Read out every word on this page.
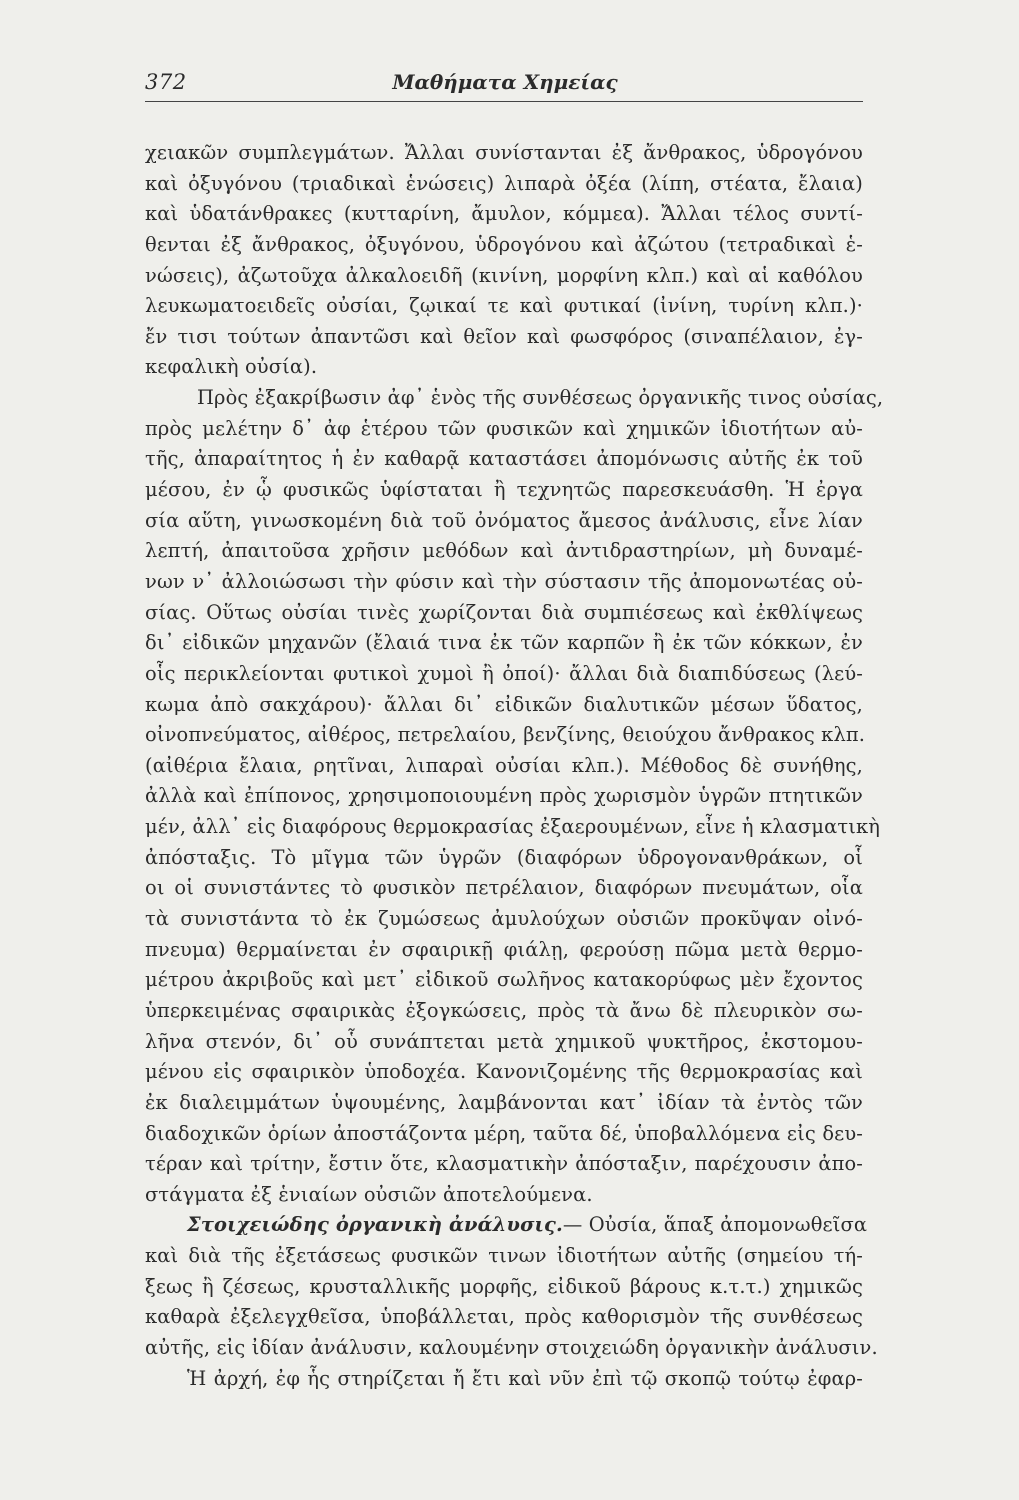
372	Μαθήματα Χημείας
χειακῶν συμπλεγμάτων. Ἄλλαι συνίστανται ἐξ ἄνθρακος, ὑδρογόνου
καὶ ὀξυγόνου (τριαδικαὶ ἑνώσεις) λιπαρὰ ὀξέα (λίπη, στέατα, ἔλαια)
καὶ ὑδατάνθρακες (κυτταρίνη, ἄμυλον, κόμμεα). Ἄλλαι τέλος συντί-
θενται ἐξ ἄνθρακος, ὀξυγόνου, ὑδρογόνου καὶ ἀζώτου (τετραδικαὶ ἑ-
νώσεις), ἀζωτοῦχα ἀλκαλοειδῆ (κινίνη, μορφίνη κλπ.) καὶ αἱ καθόλου
λευκωματοειδεῖς οὐσίαι, ζῳικαί τε καὶ φυτικαί (ἰνίνη, τυρίνη κλπ.)·
ἔν τισι τούτων ἀπαντῶσι καὶ θεῖον καὶ φωσφόρος (σιναπέλαιον, ἐγ-
κεφαλικὴ οὐσία).
Πρὸς ἐξακρίβωσιν ἀφ᾽ ἑνὸς τῆς συνθέσεως ὀργανικῆς τινος οὐσίας,
πρὸς μελέτην δ᾽ ἀφ ἑτέρου τῶν φυσικῶν καὶ χημικῶν ἰδιοτήτων αὐ-
τῆς, ἀπαραίτητος ἡ ἐν καθαρᾷ καταστάσει ἀπομόνωσις αὐτῆς ἐκ τοῦ
μέσου, ἐν ᾧ φυσικῶς ὑφίσταται ἢ τεχνητῶς παρεσκευάσθη. Ἡ ἐργα
σία αὕτη, γινωσκομένη διὰ τοῦ ὀνόματος ἄμεσος ἀνάλυσις, εἶνε λίαν
λεπτή, ἀπαιτοῦσα χρῆσιν μεθόδων καὶ ἀντιδραστηρίων, μὴ δυναμέ-
νων ν᾽ ἀλλοιώσωσι τὴν φύσιν καὶ τὴν σύστασιν τῆς ἀπομονωτέας οὐ-
σίας. Οὕτως οὐσίαι τινὲς χωρίζονται διὰ συμπιέσεως καὶ ἐκθλίψεως
δι᾽ εἰδικῶν μηχανῶν (ἔλαιά τινα ἐκ τῶν καρπῶν ἢ ἐκ τῶν κόκκων, ἐν
οἷς περικλείονται φυτικοὶ χυμοὶ ἢ ὀποί)· ἄλλαι διὰ διαπιδύσεως (λεύ-
κωμα ἀπὸ σακχάρου)· ἄλλαι δι᾽ εἰδικῶν διαλυτικῶν μέσων ὕδατος,
οἰνοπνεύματος, αἰθέρος, πετρελαίου, βενζίνης, θειούχου ἄνθρακος κλπ.
(αἰθέρια ἔλαια, ρητῖναι, λιπαραὶ οὐσίαι κλπ.). Μέθοδος δὲ συνήθης,
ἀλλὰ καὶ ἐπίπονος, χρησιμοποιουμένη πρὸς χωρισμὸν ὑγρῶν πτητικῶν
μέν, ἀλλ᾽ εἰς διαφόρους θερμοκρασίας ἐξαερουμένων, εἶνε ἡ κλασματικὴ
ἀπόσταξις. Τὸ μῖγμα τῶν ὑγρῶν (διαφόρων ὑδρογονανθράκων, οἷ
οι οἱ συνιστάντες τὸ φυσικὸν πετρέλαιον, διαφόρων πνευμάτων, οἷα
τὰ συνιστάντα τὸ ἐκ ζυμώσεως ἀμυλούχων οὐσιῶν προκῦψαν οἰνό-
πνευμα) θερμαίνεται ἐν σφαιρικῇ φιάλῃ, φερούσῃ πῶμα μετὰ θερμο-
μέτρου ἀκριβοῦς καὶ μετ᾽ εἰδικοῦ σωλῆνος κατακορύφως μὲν ἔχοντος
ὑπερκειμένας σφαιρικὰς ἐξογκώσεις, πρὸς τὰ ἄνω δὲ πλευρικὸν σω-
λῆνα στενόν, δι᾽ οὗ συνάπτεται μετὰ χημικοῦ ψυκτῆρος, ἐκστομου-
μένου εἰς σφαιρικὸν ὑποδοχέα. Κανονιζομένης τῆς θερμοκρασίας καὶ
ἐκ διαλειμμάτων ὑψουμένης, λαμβάνονται κατ᾽ ἰδίαν τὰ ἐντὸς τῶν
διαδοχικῶν ὁρίων ἀποστάζοντα μέρη, ταῦτα δέ, ὑποβαλλόμενα εἰς δευ-
τέραν καὶ τρίτην, ἔστιν ὅτε, κλασματικὴν ἀπόσταξιν, παρέχουσιν ἀπο-
στάγματα ἐξ ἑνιαίων οὐσιῶν ἀποτελούμενα.
Στοιχειώδης ὀργανικὴ ἀνάλυσις.— Οὐσία, ἅπαξ ἀπομονωθεῖσα
καὶ διὰ τῆς ἐξετάσεως φυσικῶν τινων ἰδιοτήτων αὐτῆς (σημείου τή-
ξεως ἢ ζέσεως, κρυσταλλικῆς μορφῆς, εἰδικοῦ βάρους κ.τ.τ.) χημικῶς
καθαρὰ ἐξελεγχθεῖσα, ὑποβάλλεται, πρὸς καθορισμὸν τῆς συνθέσεως
αὐτῆς, εἰς ἰδίαν ἀνάλυσιν, καλουμένην στοιχειώδη ὀργανικὴν ἀνάλυσιν.
Ἡ ἀρχή, ἐφ ἧς στηρίζεται ἤ ἔτι καὶ νῦν ἐπὶ τῷ σκοπῷ τούτῳ ἐφαρ-
